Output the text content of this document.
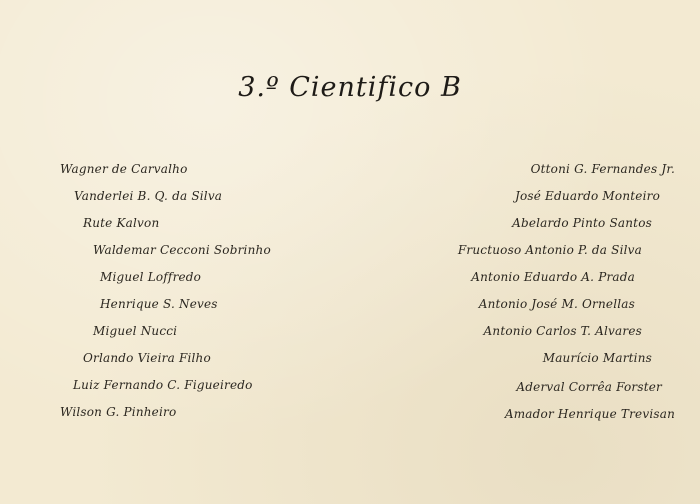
3.º Cientifico B
Wagner de Carvalho
Vanderlei B. Q. da Silva
Rute Kalvon
Waldemar Cecconi Sobrinho
Miguel Loffredo
Henrique S. Neves
Miguel Nucci
Orlando Vieira Filho
Luiz Fernando C. Figueiredo
Wilson G. Pinheiro
Ottoni G. Fernandes Jr.
José Eduardo Monteiro
Abelardo Pinto Santos
Fructuoso Antonio P. da Silva
Antonio Eduardo A. Prada
Antonio José M. Ornellas
Antonio Carlos T. Alvares
Maurício Martins
Aderval Corrêa Forster
Amador Henrique Trevisan
